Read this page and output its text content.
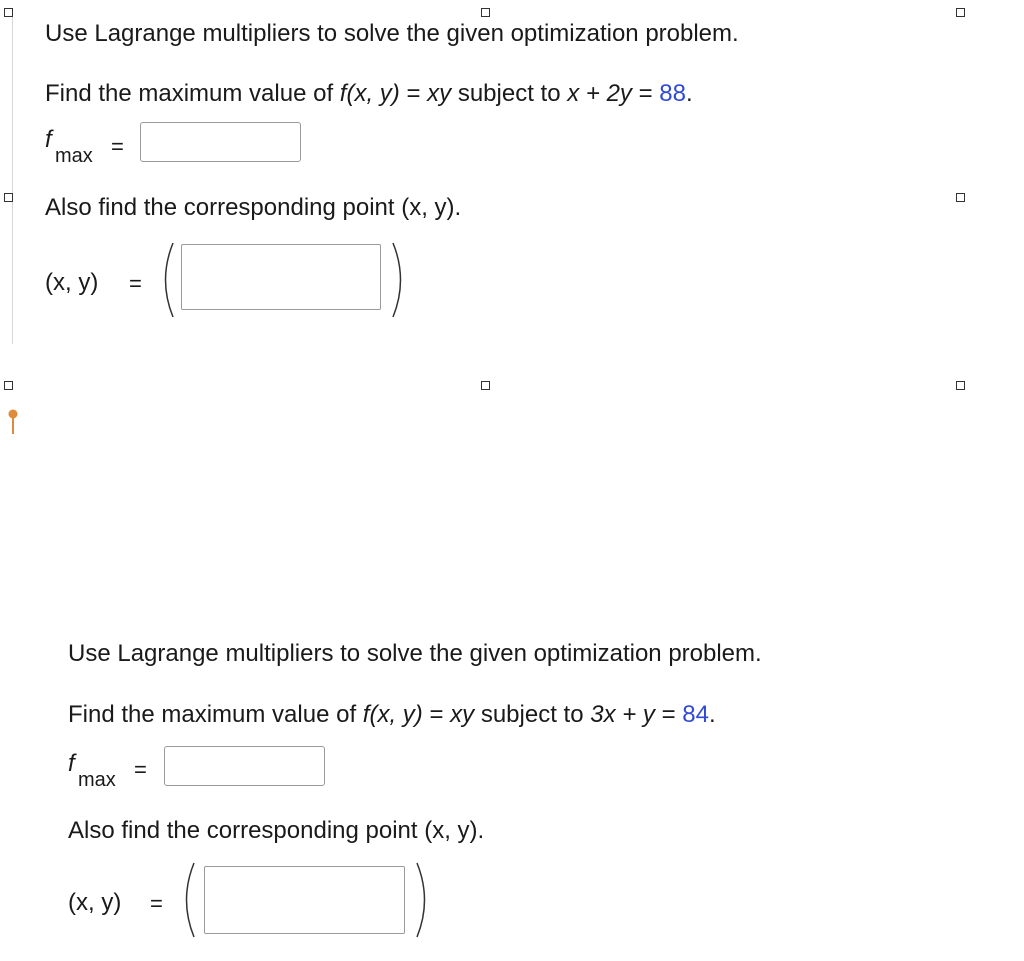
Use Lagrange multipliers to solve the given optimization problem.
Find the maximum value of f(x, y) = xy subject to x + 2y = 88.
f
max =
Also find the corresponding point (x, y).
(x, y) =
Use Lagrange multipliers to solve the given optimization problem.
Find the maximum value of f(x, y) = xy subject to 3x + y = 84.
f
max =
Also find the corresponding point (x, y).
(x, y) =
